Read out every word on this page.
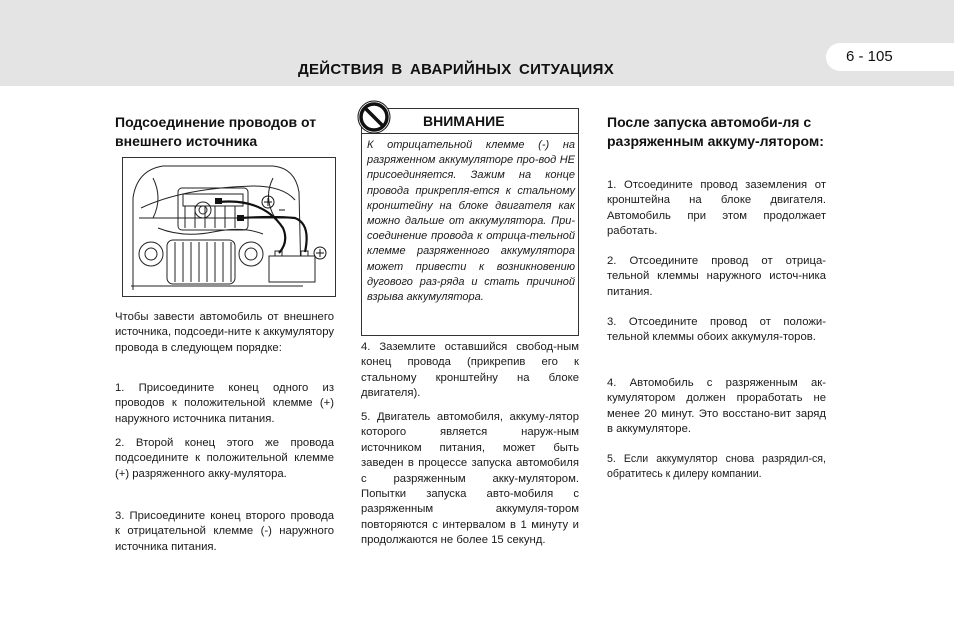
ДЕЙСТВИЯ В АВАРИЙНЫХ СИТУАЦИЯХ
6 - 105
Подсоединение проводов от внешнего источника

Чтобы завести автомобиль от внешнего источника, подсоеди-ните к аккумулятору провода в следующем порядке:

1. Присоедините конец одного из проводов к положительной клемме (+) наружного источника питания.

2. Второй конец этого же провода подсоедините к положительной клемме (+) разряженного акку-мулятора.

3. Присоедините конец второго провода к отрицательной клемме (-) наружного источника питания.

ВНИМАНИЕ

К отрицательной клемме (-) на разряженном аккумуляторе про-вод НЕ присоединяется. Зажим на конце провода прикрепля-ется к стальному кронштейну на блоке двигателя как можно дальше от аккумулятора. При-соединение провода к отрица-тельной клемме разряженного аккумулятора может привести к возникновению дугового раз-ряда и стать причиной взрыва аккумулятора.

4. Заземлите оставшийся свобод-ным конец провода (прикрепив его к стальному кронштейну на блоке двигателя).

5. Двигатель автомобиля, аккуму-лятор которого является наруж-ным источником питания, может быть заведен в процессе запуска автомобиля с разряженным акку-мулятором. Попытки запуска авто-мобиля с разряженным аккумуля-тором повторяются с интервалом в 1 минуту и продолжаются не более 15 секунд.

После запуска автомоби-ля с разряженным аккуму-лятором:

1. Отсоедините провод заземления от кронштейна на блоке двигателя. Автомобиль при этом продолжает работать.

2. Отсоедините провод от отрица-тельной клеммы наружного источ-ника питания.

3. Отсоедините провод от положи-тельной клеммы обоих аккумуля-торов.

4. Автомобиль с разряженным ак-кумулятором должен проработать не менее 20 минут. Это восстано-вит заряд в аккумуляторе.

5. Если аккумулятор снова разрядил-ся, обратитесь к дилеру компании.
